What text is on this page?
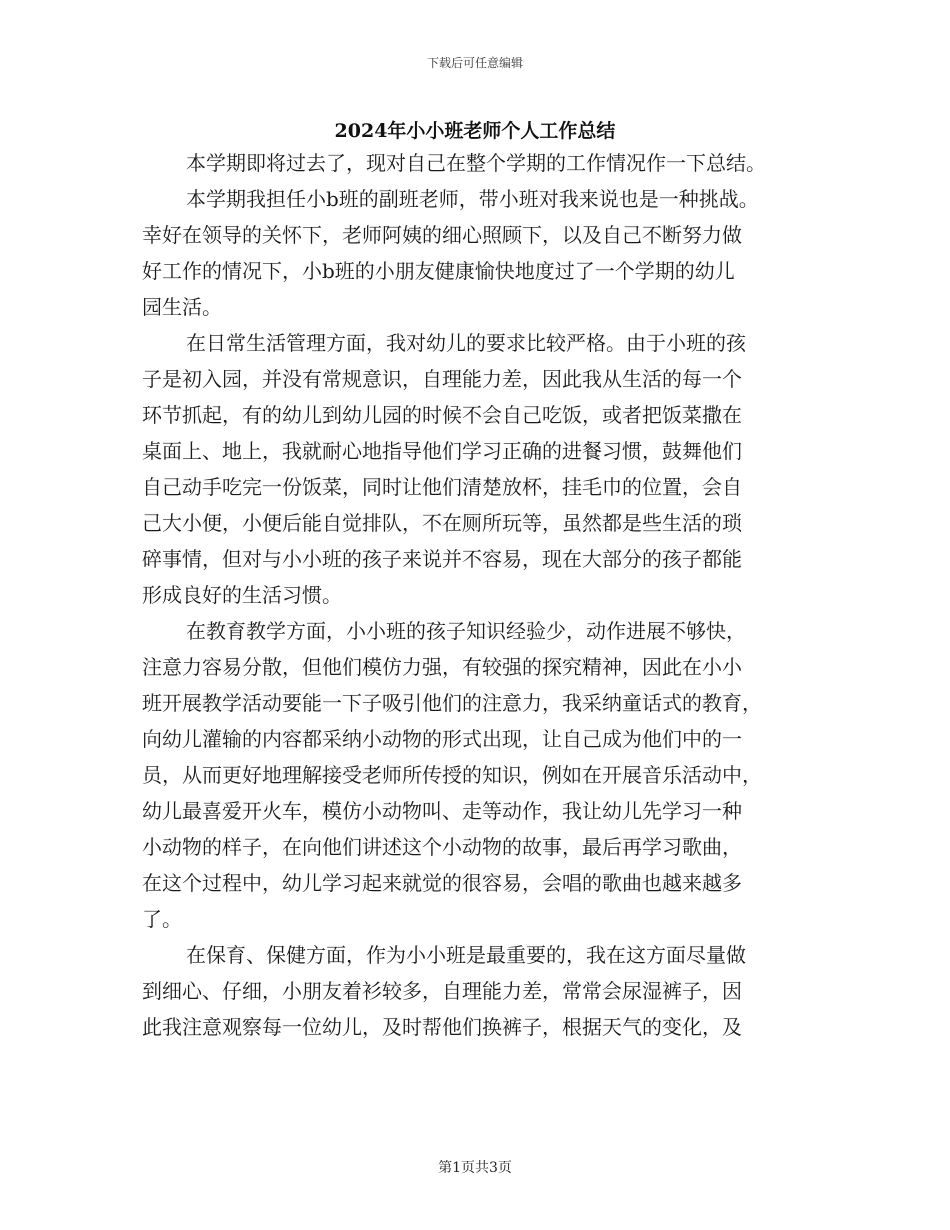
下载后可任意编辑
2024年小小班老师个人工作总结
本学期即将过去了，现对自己在整个学期的工作情况作一下总结。
本学期我担任小b班的副班老师，带小班对我来说也是一种挑战。
幸好在领导的关怀下，老师阿姨的细心照顾下，以及自己不断努力做
好工作的情况下，小b班的小朋友健康愉快地度过了一个学期的幼儿
园生活。
在日常生活管理方面，我对幼儿的要求比较严格。由于小班的孩
子是初入园，并没有常规意识，自理能力差，因此我从生活的每一个
环节抓起，有的幼儿到幼儿园的时候不会自己吃饭，或者把饭菜撒在
桌面上、地上，我就耐心地指导他们学习正确的进餐习惯，鼓舞他们
自己动手吃完一份饭菜，同时让他们清楚放杯，挂毛巾的位置，会自
己大小便，小便后能自觉排队，不在厕所玩等，虽然都是些生活的琐
碎事情，但对与小小班的孩子来说并不容易，现在大部分的孩子都能
形成良好的生活习惯。
在教育教学方面，小小班的孩子知识经验少，动作进展不够快，
注意力容易分散，但他们模仿力强，有较强的探究精神，因此在小小
班开展教学活动要能一下子吸引他们的注意力，我采纳童话式的教育，
向幼儿灌输的内容都采纳小动物的形式出现，让自己成为他们中的一
员，从而更好地理解接受老师所传授的知识，例如在开展音乐活动中，
幼儿最喜爱开火车，模仿小动物叫、走等动作，我让幼儿先学习一种
小动物的样子，在向他们讲述这个小动物的故事，最后再学习歌曲，
在这个过程中，幼儿学习起来就觉的很容易，会唱的歌曲也越来越多
了。
在保育、保健方面，作为小小班是最重要的，我在这方面尽量做
到细心、仔细，小朋友着衫较多，自理能力差，常常会尿湿裤子，因
此我注意观察每一位幼儿，及时帮他们换裤子，根据天气的变化，及
第1页共3页
